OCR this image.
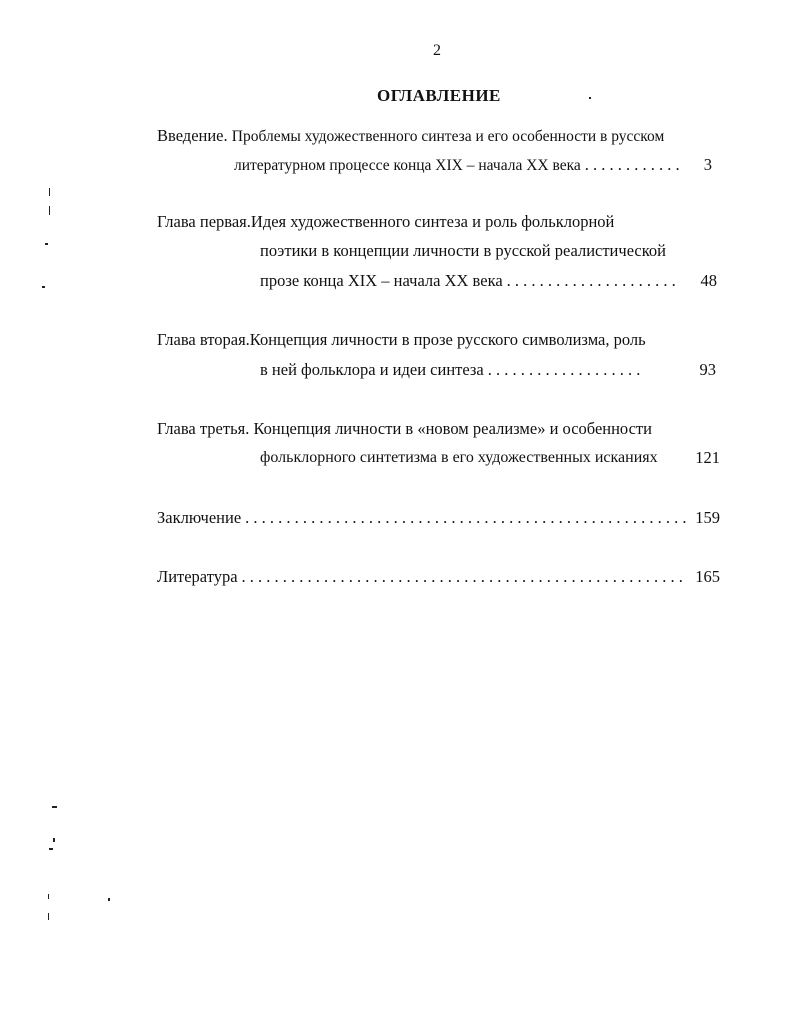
2
ОГЛАВЛЕНИЕ
Введение. Проблемы художественного синтеза и его особенности в русском
литературном процессе конца XIX – начала XX века . . .	3
Глава первая.Идея художественного синтеза и роль фольклорной
поэтики в концепции личности в русской реалистической
прозе конца XIX – начала XX века . . .	48
Глава вторая.Концепция личности в прозе русского символизма, роль
в ней фольклора и идеи синтеза . . .	93
Глава третья. Концепция личности в «новом реализме» и особенности
фольклорного синтетизма в его художественных исканиях	121
Заключение . . .	159
Литература . . .	165
